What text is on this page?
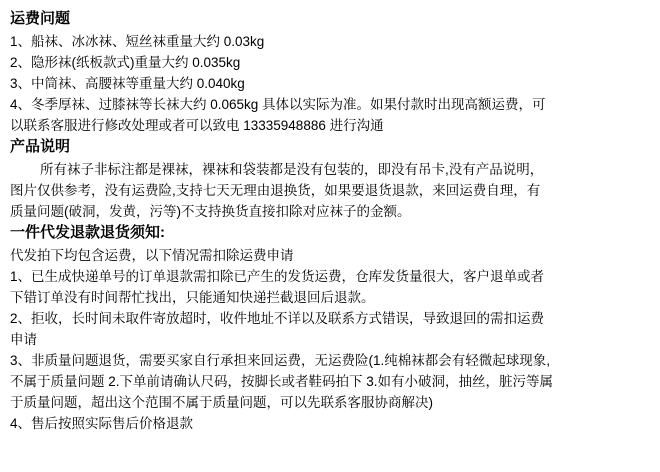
运费问题

1、船袜、冰冰袜、短丝袜重量大约 0.03kg

2、隐形袜(纸板款式)重量大约 0.035kg

3、中筒袜、高腰袜等重量大约 0.040kg

4、冬季厚袜、过膝袜等长袜大约 0.065kg 具体以实际为准。如果付款时出现高额运费，可

以联系客服进行修改处理或者可以致电 13335948886 进行沟通

产品说明

所有袜子非标注都是裸袜，裸袜和袋装都是没有包装的，即没有吊卡,没有产品说明，

图片仅供参考，没有运费险,支持七天无理由退换货，如果要退货退款，来回运费自理，有

质量问题(破洞，发黄，污等)不支持换货直接扣除对应袜子的金额。

一件代发退款退货须知:

代发拍下均包含运费，以下情况需扣除运费申请

1、已生成快递单号的订单退款需扣除已产生的发货运费，仓库发货量很大，客户退单或者

下错订单没有时间帮忙找出，只能通知快递拦截退回后退款。

2、拒收，长时间未取件寄放超时，收件地址不详以及联系方式错误，导致退回的需扣运费

申请

3、非质量问题退货，需要买家自行承担来回运费，无运费险(1.纯棉袜都会有轻微起球现象,

不属于质量问题 2.下单前请确认尺码，按脚长或者鞋码拍下 3.如有小破洞，抽丝，脏污等属

于质量问题，超出这个范围不属于质量问题，可以先联系客服协商解决)

4、售后按照实际售后价格退款
